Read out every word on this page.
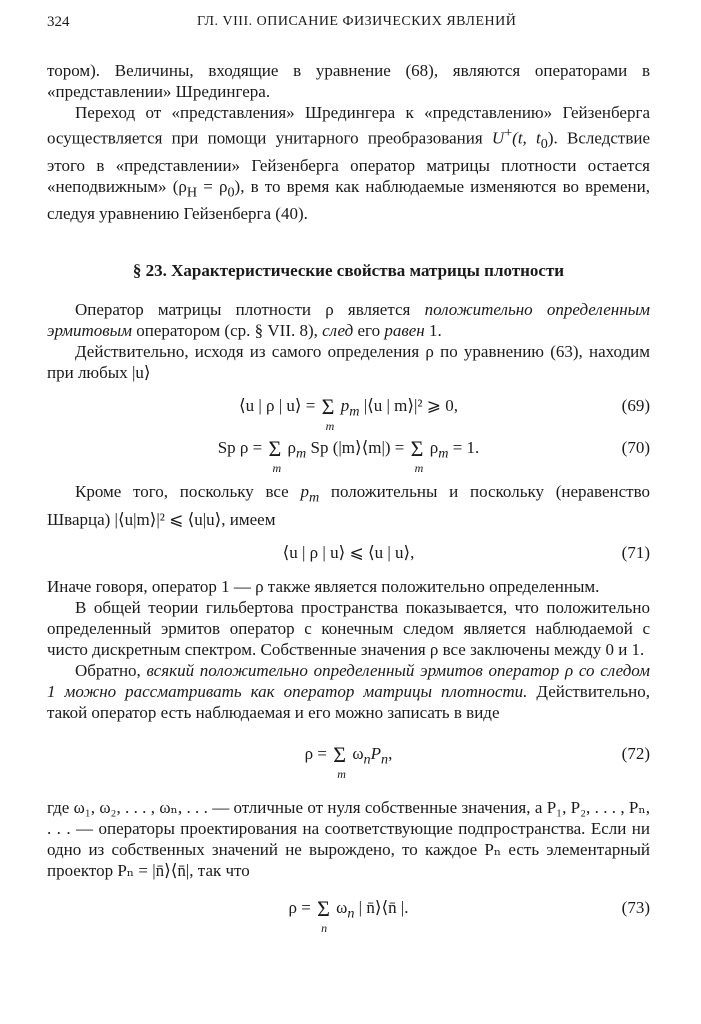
324	ГЛ. VIII. ОПИСАНИЕ ФИЗИЧЕСКИХ ЯВЛЕНИЙ

тором). Величины, входящие в уравнение (68), являются операторами в «представлении» Шредингера.

Переход от «представления» Шредингера к «представлению» Гейзенберга осуществляется при помощи унитарного преобразования U+(t, $t_0$). Вследствие этого в «представлении» Гейзенберга оператор матрицы плотности остается «неподвижным» $(\rho_H = \rho_0)$, в то время как наблюдаемые изменяются во времени, следуя уравнению Гейзенберга (40).

§ 23. Характеристические свойства матрицы плотности

Оператор матрицы плотности ρ является положительно определенным эрмитовым оператором (ср. § VII. 8), след его равен 1.

Действительно, исходя из самого определения ρ по уравнению (63), находим при любых |u⟩

⟨u | ρ | u⟩ = Σ
m
$p_m$ |⟨u | m⟩|² ⩾ 0,	(69)
Sp ρ = Σ
m
$\rho_m$ Sp (|m⟩⟨m|) = Σ
m
$\rho_m = 1$.	(70)

Кроме того, поскольку все $p_m$ положительны и поскольку (неравенство Шварца) |⟨u|m⟩|² ⩽ ⟨u|u⟩, имеем

⟨u | ρ | u⟩ ⩽ ⟨u | u⟩,	(71)

Иначе говоря, оператор 1 — ρ также является положительно определенным.

В общей теории гильбертова пространства показывается, что положительно определенный эрмитов оператор с конечным следом является наблюдаемой с чисто дискретным спектром. Собственные значения ρ все заключены между 0 и 1.

Обратно, всякий положительно определенный эрмитов оператор ρ со следом 1 можно рассматривать как оператор матрицы плотности. Действительно, такой оператор есть наблюдаемая и его можно записать в виде

ρ = Σ
m
$\omega_nP_n$,	(72)

где ω₁, ω₂, . . . , ωₙ, . . . — отличные от нуля собственные значения, а P₁, P₂, . . . , Pₙ, . . . — операторы проектирования на соответствующие подпространства. Если ни одно из собственных значений не вырождено, то каждое Pₙ есть элементарный проектор Pₙ = |n̄⟩⟨n̄|, так что

ρ = Σ
n
$\omega_n$ | n̄⟩⟨n̄ |.	(73)
